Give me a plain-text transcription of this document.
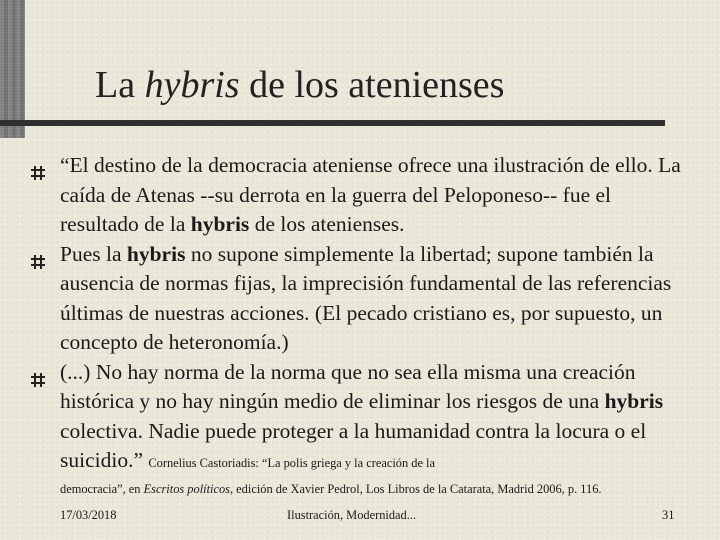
La hybris de los atenienses

“El destino de la democracia ateniense ofrece una ilustración de ello. La caída de Atenas --su derrota en la guerra del Peloponeso-- fue el resultado de la hybris de los atenienses.

Pues la hybris no supone simplemente la libertad; supone también la ausencia de normas fijas, la imprecisión fundamental de las referencias últimas de nuestras acciones. (El pecado cristiano es, por supuesto, un concepto de heteronomía.)

(...) No hay norma de la norma que no sea ella misma una creación histórica y no hay ningún medio de eliminar los riesgos de una hybris colectiva. Nadie puede proteger a la humanidad contra la locura o el suicidio.” Cornelius Castoriadis: “La polis griega y la creación de la

democracia”, en Escritos políticos, edición de Xavier Pedrol, Los Libros de la Catarata, Madrid 2006, p. 116.
17/03/2018	Ilustración, Modernidad...	31
